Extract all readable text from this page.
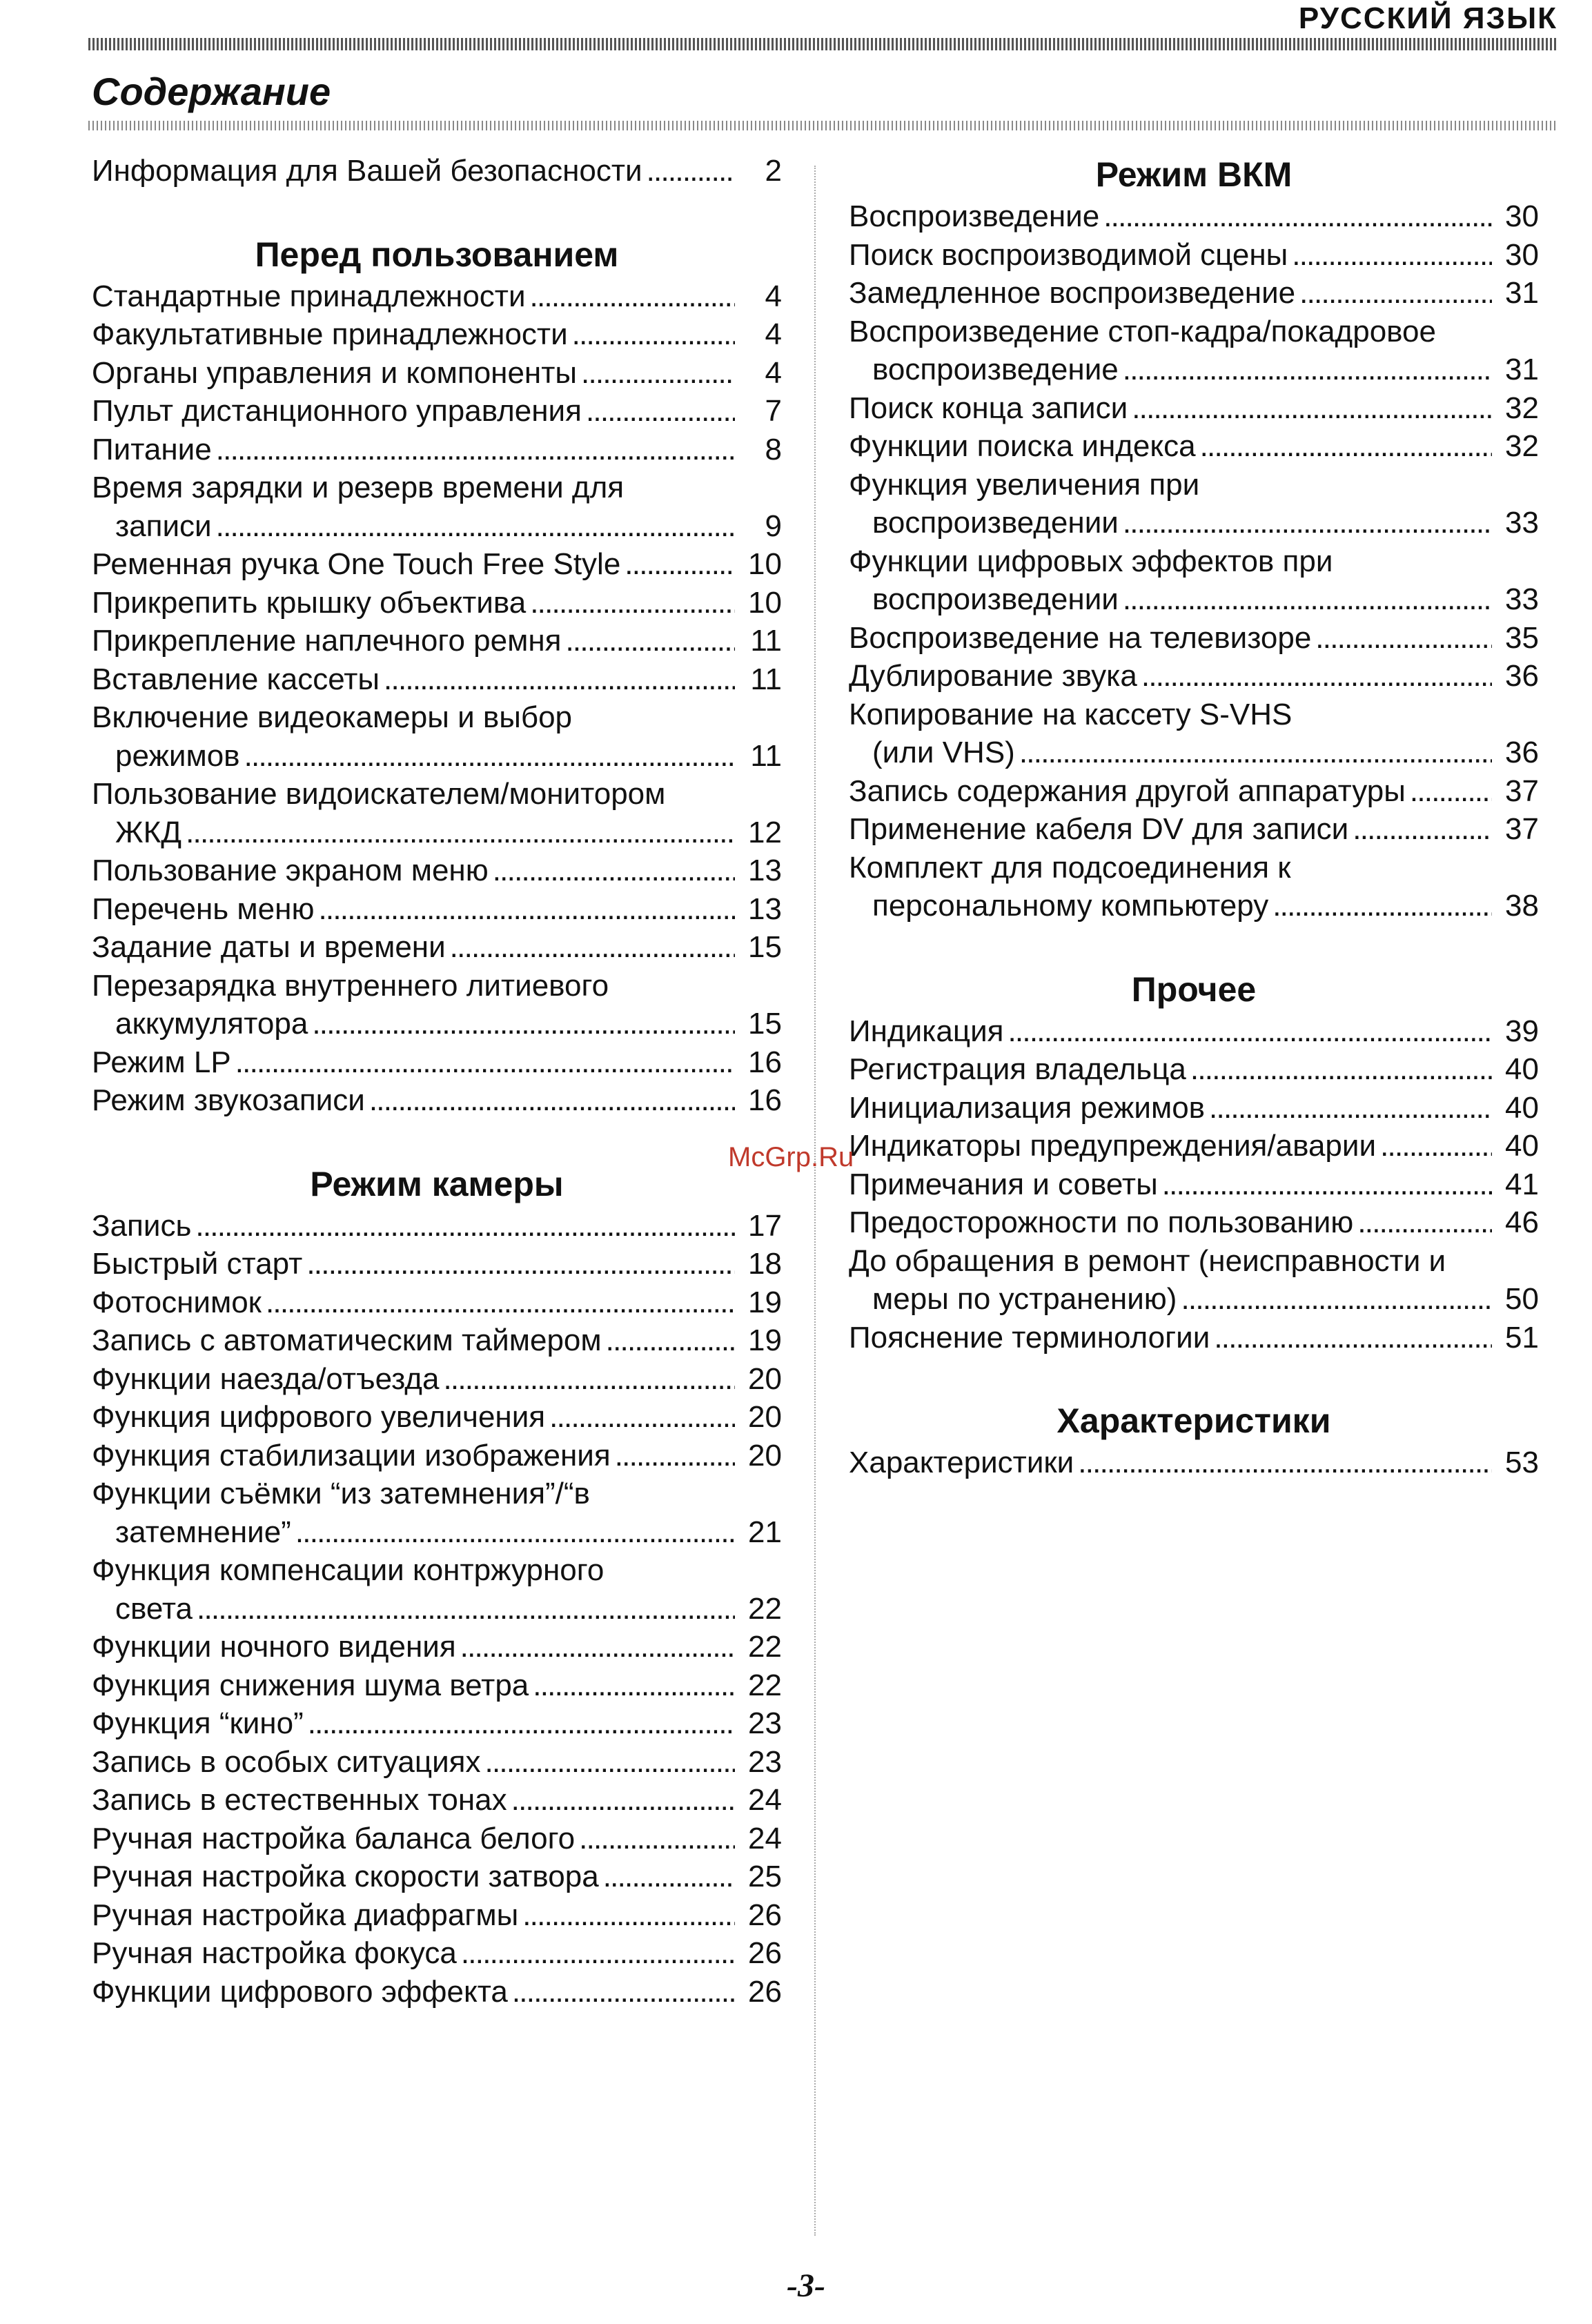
РУССКИЙ ЯЗЫК
Содержание
Информация для Вашей безопасности . . .	2
Перед пользованием
Стандартные принадлежности . . .	4
Факультативные принадлежности . . .	4
Органы управления и компоненты . . .	4
Пульт дистанционного управления . . .	7
Питание . . .	8
Время зарядки и резерв времени для
записи . . .	9
Ременная ручка One Touch Free Style . . .	10
Прикрепить крышку объектива . . .	10
Прикрепление наплечного ремня . . .	11
Вставление кассеты . . .	11
Включение видеокамеры и выбор
режимов . . .	11
Пользование видоискателем/монитором
ЖКД . . .	12
Пользование экраном меню . . .	13
Перечень меню . . .	13
Задание даты и времени . . .	15
Перезарядка внутреннего литиевого
аккумулятора . . .	15
Режим LP . . .	16
Режим звукозаписи . . .	16
Режим камеры
Запись . . .	17
Быстрый старт . . .	18
Фотоснимок . . .	19
Запись с автоматическим таймером . . .	19
Функции наезда/отъезда . . .	20
Функция цифрового увеличения . . .	20
Функция стабилизации изображения . . .	20
Функции съёмки “из затемнения”/“в
затемнение” . . .	21
Функция компенсации контржурного
света . . .	22
Функции ночного видения . . .	22
Функция снижения шума ветра . . .	22
Функция “кино” . . .	23
Запись в особых ситуациях . . .	23
Запись в естественных тонах . . .	24
Ручная настройка баланса белого . . .	24
Ручная настройка скорости затвора . . .	25
Ручная настройка диафрагмы . . .	26
Ручная настройка фокуса . . .	26
Функции цифрового эффекта . . .	26
Режим ВКМ
Воспроизведение . . .	30
Поиск воспроизводимой сцены . . .	30
Замедленное воспроизведение . . .	31
Воспроизведение стоп-кадра/покадровое
воспроизведение . . .	31
Поиск конца записи . . .	32
Функции поиска индекса . . .	32
Функция увеличения при
воспроизведении . . .	33
Функции цифровых эффектов при
воспроизведении . . .	33
Воспроизведение на телевизоре . . .	35
Дублирование звука . . .	36
Копирование на кассету S-VHS
(или VHS) . . .	36
Запись содержания другой аппаратуры . . .	37
Применение кабеля DV для записи . . .	37
Комплект для подсоединения к
персональному компьютеру . . .	38
Прочее
Индикация . . .	39
Регистрация владельца . . .	40
Инициализация режимов . . .	40
Индикаторы предупреждения/аварии . . .	40
Примечания и советы . . .	41
Предосторожности по пользованию . . .	46
До обращения в ремонт (неисправности и
меры по устранению) . . .	50
Пояснение терминологии . . .	51
Характеристики
Характеристики . . .	53
McGrp.Ru
-3-
